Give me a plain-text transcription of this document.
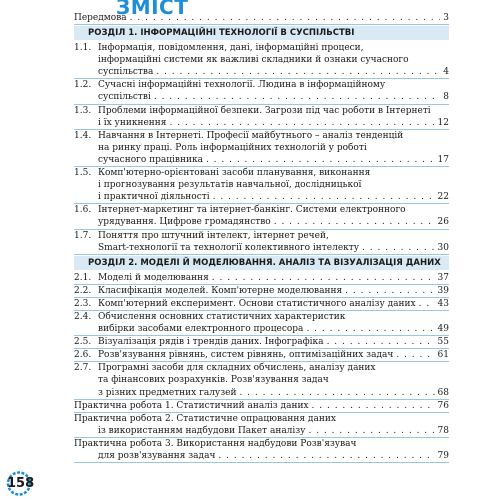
ЗМІСТ
Передмова . . .	3
РОЗДІЛ 1. ІНФОРМАЦІЙНІ ТЕХНОЛОГІЇ В СУСПІЛЬСТВІ
1.1. Інформація, повідомлення, дані, інформаційні процеси,
інформаційні системи як важливі складники й ознаки сучасного
суспільства . . .	4
1.2. Сучасні інформаційні технології. Людина в інформаційному
суспільстві . . .	8
1.3. Проблеми інформаційної безпеки. Загрози під час роботи в Інтернеті
і їх уникнення . . .	12
1.4. Навчання в Інтернеті. Професії майбутнього – аналіз тенденцій
на ринку праці. Роль інформаційних технологій у роботі
сучасного працівника . . .	17
1.5. Комп'ютерно-орієнтовані засоби планування, виконання
і прогнозування результатів навчальної, дослідницької
і практичної діяльності . . .	22
1.6. Інтернет-маркетинг та інтернет-банкінг. Системи електронного
урядування. Цифрове громадянство . . .	26
1.7. Поняття про штучний інтелект, інтернет речей,
Smart-технології та технології колективного інтелекту . . .	30
РОЗДІЛ 2. МОДЕЛІ Й МОДЕЛЮВАННЯ. АНАЛІЗ ТА ВІЗУАЛІЗАЦІЯ ДАНИХ
2.1. Моделі й моделювання . . .	37
2.2. Класифікація моделей. Комп'ютерне моделювання . . .	39
2.3. Комп'ютерний експеримент. Основи статистичного аналізу даних . . . 43
2.4. Обчислення основних статистичних характеристик
вибірки засобами електронного процесора . . .	49
2.5. Візуалізація рядів і трендів даних. Інфографіка . . .	55
2.6. Розв'язування рівнянь, систем рівнянь, оптимізаційних задач . . .	61
2.7. Програмні засоби для складних обчислень, аналізу даних
та фінансових розрахунків. Розв'язування задач
з різних предметних галузей . . .	68
Практична робота 1. Статистичний аналіз даних . . .	76
Практична робота 2. Статистичне опрацювання даних
із використанням надбудови Пакет аналізу . . .	78
Практична робота 3. Використання надбудови Розв'язувач
для розв'язування задач . . .	79
158
